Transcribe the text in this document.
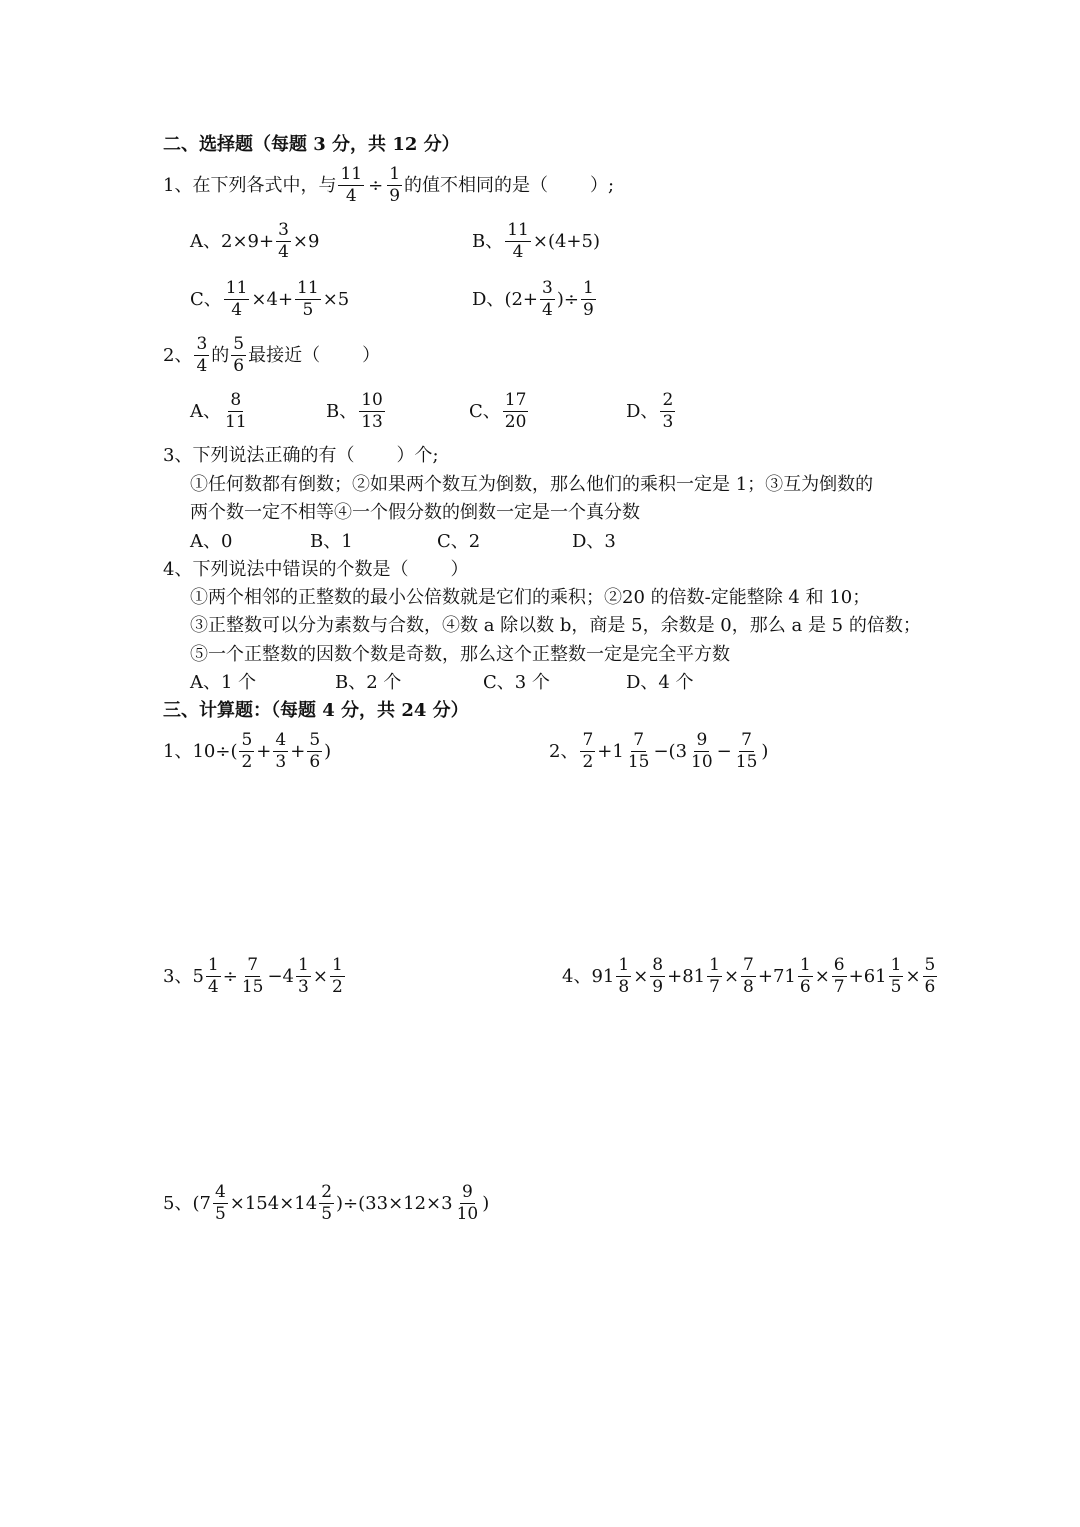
二、选择题（每题 3 分，共 12 分）
1、在下列各式中，与 $\frac{11}{4} \div \frac{1}{9}$ 的值不相同的是（ ）;
A、 $2\times 9+ \frac{3}{4} \times 9$	B、 $\frac{11}{4} \times(4+5)$
C、 $\frac{11}{4} \times 4+ \frac{11}{5} \times 5$	D、 ($2+ \frac{3}{4}$ )÷ $\frac{1}{9}$
2、 $\frac{3}{4}$ 的 $\frac{5}{6}$ 最接近（ ）
A、 $\frac{8}{11}$	B、 $\frac{10}{13}$	C、 $\frac{17}{20}$	D、 $\frac{2}{3}$
3、下列说法正确的有（ ）个;
①任何数都有倒数；②如果两个数互为倒数，那么他们的乘积一定是 1；③互为倒数的
两个数一定不相等④一个假分数的倒数一定是一个真分数
A、0	B、1	C、2	D、3
4、下列说法中错误的个数是（ ）
①两个相邻的正整数的最小公倍数就是它们的乘积；②20 的倍数-定能整除 4 和 10；
③正整数可以分为素数与合数，④数 a 除以数 b，商是 5，余数是 0，那么 a 是 5 的倍数；
⑤一个正整数的因数个数是奇数，那么这个正整数一定是完全平方数
A、1 个	B、2 个	C、3 个	D、4 个
三、计算题：（每题 4 分，共 24 分）
1、 $10\div( \frac{5}{2} + \frac{4}{3} + \frac{5}{6}$ )	2、 $\frac{7}{2} +1 \frac{7}{15} -(3 \frac{9}{10} - \frac{7}{15}$ )
3、 $5 \frac{1}{4} \div \frac{7}{15} -4 \frac{1}{3} \times \frac{1}{2}$	4、 $91 \frac{1}{8} \times \frac{8}{9} +81 \frac{1}{7} \times \frac{7}{8} +71 \frac{1}{6} \times \frac{6}{7} +61 \frac{1}{5} \times \frac{5}{6}$
5、 $(7 \frac{4}{5} \times 154\times 14 \frac{2}{5} )\div(33\times 12\times 3 \frac{9}{10}$ )
